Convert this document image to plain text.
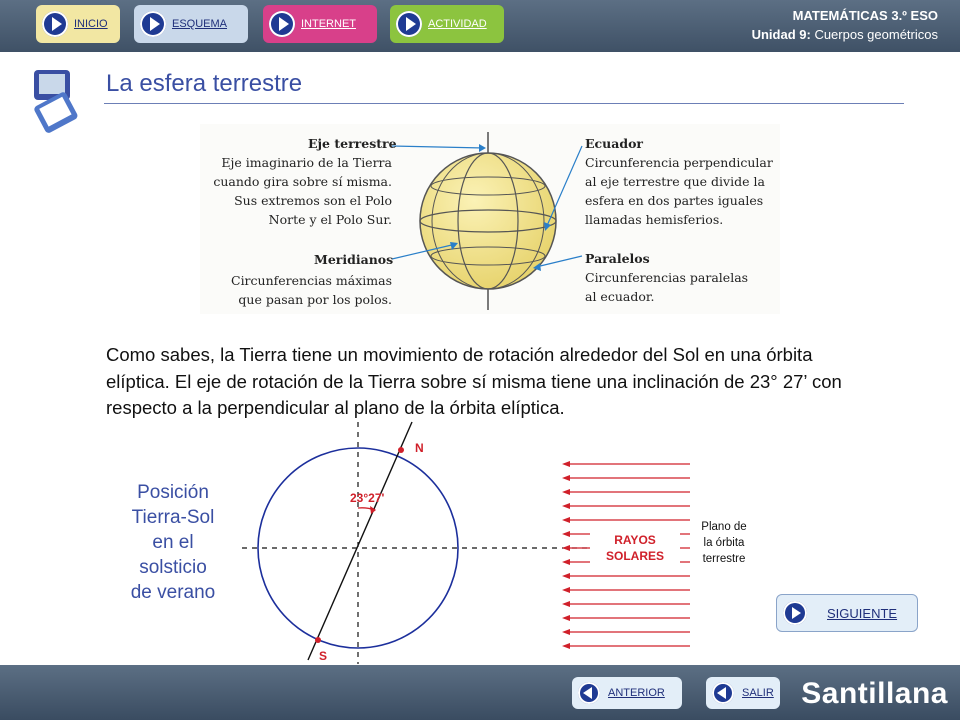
INICIO	ESQUEMA	INTERNET	ACTIVIDAD
MATEMÁTICAS 3.º ESO
Unidad 9: Cuerpos geométricos
La esfera terrestre
Eje terrestre
Eje imaginario de la Tierra
cuando gira sobre sí misma.
Sus extremos son el Polo
Norte y el Polo Sur.
Meridianos
Circunferencias máximas
que pasan por los polos.
Ecuador
Circunferencia perpendicular
al eje terrestre que divide la
esfera en dos partes iguales
llamadas hemisferios.
Paralelos
Circunferencias paralelas
al ecuador.
Como sabes, la Tierra tiene un movimiento de rotación alrededor del Sol en una órbita elíptica. El eje de rotación de la Tierra sobre sí misma tiene una inclinación de 23° 27’ con respecto a la perpendicular al plano de la órbita elíptica.
Posición
Tierra-Sol
en el
solsticio
de verano
N
S
23°27'
RAYOS
SOLARES
Plano de
la órbita
terrestre
SIGUIENTE
ANTERIOR	SALIR Santillana
